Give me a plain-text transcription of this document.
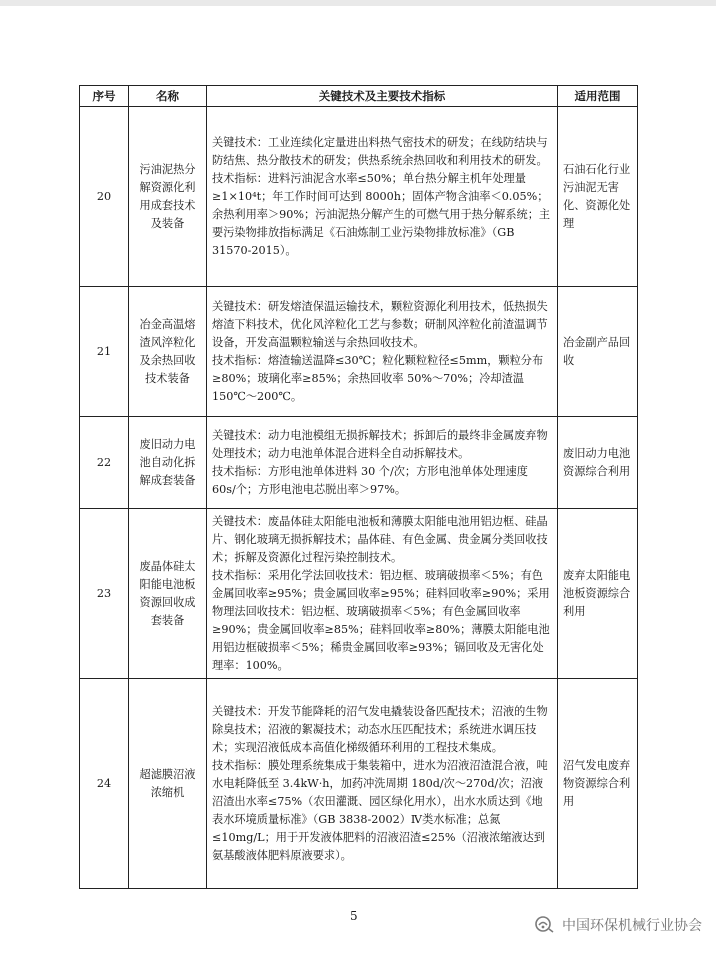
序号	名称	关键技术及主要技术指标	适用范围
20	污油泥热分解资源化利用成套技术及装备	关键技术：工业连续化定量进出料热气密技术的研发；在线防结块与防结焦、热分散技术的研发；供热系统余热回收和利用技术的研发。

技术指标：进料污油泥含水率≤50%；单台热分解主机年处理量≥1×10⁴t；年工作时间可达到 8000h；固体产物含油率＜0.05%；余热利用率＞90%；污油泥热分解产生的可燃气用于热分解系统；主要污染物排放指标满足《石油炼制工业污染物排放标准》（GB 31570-2015）。	石油石化行业污油泥无害化、资源化处理
21	冶金高温熔渣风淬粒化及余热回收技术装备	关键技术：研发熔渣保温运输技术，颗粒资源化利用技术，低热损失熔渣下料技术，优化风淬粒化工艺与参数；研制风淬粒化前渣温调节设备，开发高温颗粒输送与余热回收技术。

技术指标：熔渣输送温降≤30℃；粒化颗粒粒径≤5mm，颗粒分布≥80%；玻璃化率≥85%；余热回收率 50%～70%；冷却渣温 150℃～200℃。	冶金副产品回收
22	废旧动力电池自动化拆解成套装备	关键技术：动力电池模组无损拆解技术；拆卸后的最终非金属废弃物处理技术；动力电池单体混合进料全自动拆解技术。

技术指标：方形电池单体进料 30 个/次；方形电池单体处理速度 60s/个；方形电池电芯脱出率＞97%。	废旧动力电池资源综合利用
23	废晶体硅太阳能电池板资源回收成套装备	关键技术：废晶体硅太阳能电池板和薄膜太阳能电池用铝边框、硅晶片、钢化玻璃无损拆解技术；晶体硅、有色金属、贵金属分类回收技术；拆解及资源化过程污染控制技术。

技术指标：采用化学法回收技术：铝边框、玻璃破损率＜5%；有色金属回收率≥95%；贵金属回收率≥95%；硅料回收率≥90%；采用物理法回收技术：铝边框、玻璃破损率＜5%；有色金属回收率≥90%；贵金属回收率≥85%；硅料回收率≥80%；薄膜太阳能电池用铝边框破损率＜5%；稀贵金属回收率≥93%；镉回收及无害化处理率：100%。	废弃太阳能电池板资源综合利用
24	超滤膜沼液浓缩机	关键技术：开发节能降耗的沼气发电撬装设备匹配技术；沼液的生物除臭技术；沼液的絮凝技术；动态水压匹配技术；系统进水调压技术；实现沼液低成本高值化梯级循环利用的工程技术集成。

技术指标：膜处理系统集成于集装箱中，进水为沼液沼渣混合液，吨水电耗降低至 3.4kW·h，加药冲洗周期 180d/次～270d/次；沼液沼渣出水率≤75%（农田灌溉、园区绿化用水），出水水质达到《地表水环境质量标准》（GB 3838-2002）Ⅳ类水标准；总氮≤10mg/L；用于开发液体肥料的沼液沼渣≤25%（沼液浓缩液达到氨基酸液体肥料原液要求）。	沼气发电废弃物资源综合利用
5
中国环保机械行业协会
